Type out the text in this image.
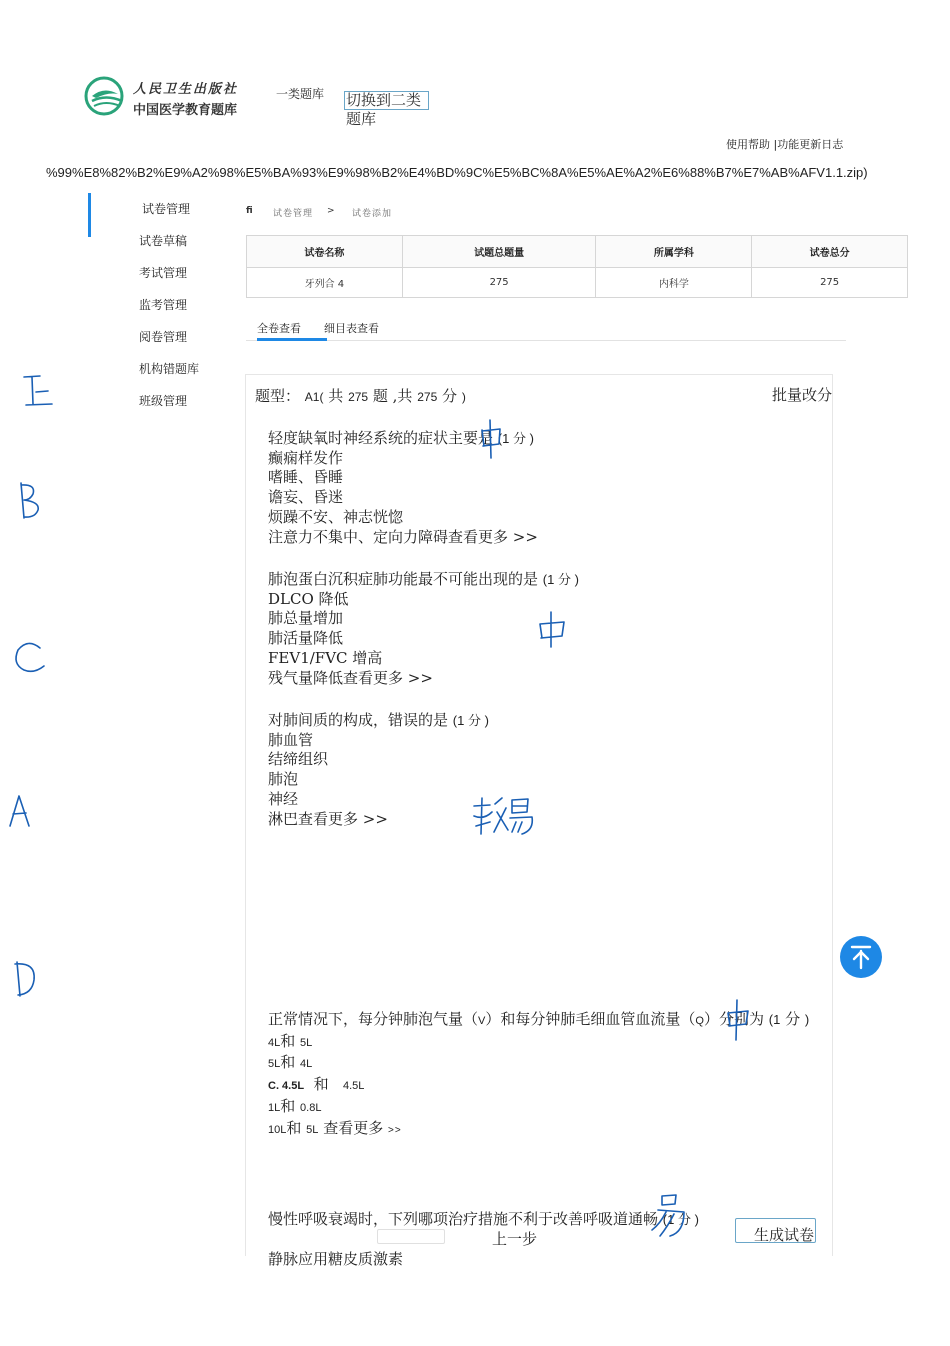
人民卫生出版社
中国医学教育题库
一类题库 切换到二类题库
使用帮助 |功能更新日志
%99%E8%82%B2%E9%A2%98%E5%BA%93%E9%98%B2%E4%BD%9C%E5%BC%8A%E5%AE%A2%E6%88%B7%E7%AB%AFV1.1.zip)
试卷管理
试卷草稿
考试管理
监考管理
阅卷管理
机构错题库
班级管理
fi 试卷管理 > 试卷添加
试卷名称	试题总题量	所属学科	试卷总分
牙列合 4	275	内科学	275
全卷查看 细目表查看
题型： A1( 共 275 题 ,共 275 分 )	批量改分
轻度缺氧时神经系统的症状主要是 (1 分 )
癫痫样发作
嗜睡、昏睡
谵妄、昏迷
烦躁不安、神志恍惚
注意力不集中、定向力障碍查看更多 >>
肺泡蛋白沉积症肺功能最不可能出现的是 (1 分 )
DLCO 降低
肺总量增加
肺活量降低
FEV1/FVC 增高
残气量降低查看更多 >>
对肺间质的构成，错误的是 (1 分 )
肺血管
结缔组织
肺泡
神经
淋巴查看更多 >>
正常情况下，每分钟肺泡气量（V）和每分钟肺毛细血管血流量（Q）分别为 (1 分 )
4L和 5L
5L和 4L
C. 4.5L 和 4.5L
1L和 0.8L
10L和 5L 查看更多 >>
慢性呼吸衰竭时，下列哪项治疗措施不利于改善呼吸道通畅 (1 分 )
静脉应用糖皮质激素
上一步	生成试卷
